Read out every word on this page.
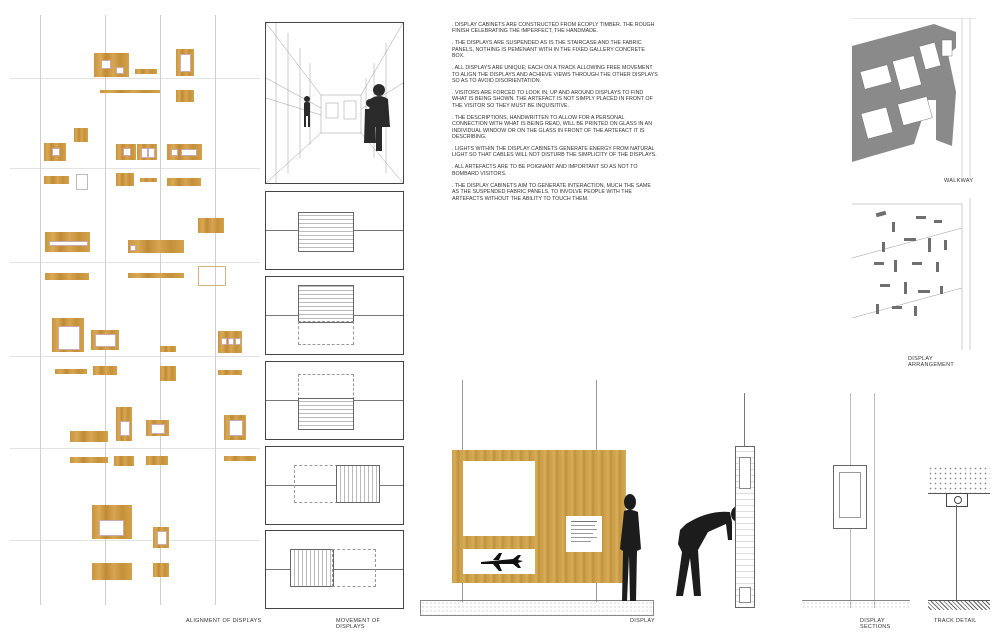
ALIGNMENT OF DISPLAYS	MOVEMENT OF DISPLAYS

. DISPLAY CABINETS ARE CONSTRUCTED FROM ECOPLY TIMBER. THE ROUGH FINISH CELEBRATING THE IMPERFECT, THE HANDMADE.

. THE DISPLAYS ARE SUSPENDED AS IS THE STAIRCASE AND THE FABRIC PANELS, NOTHING IS PEMENANT WITH IN THE FIXED GALLERY CONCRETE BOX.

. ALL DISPLAYS ARE UNIQUE; EACH ON A TRACK ALLOWING FREE MOVEMENT TO ALIGN THE DISPLAYS AND ACHIEVE VIEWS THROUGH THE OTHER DISPLAYS SO AS TO AVOID DISORIENTATION.

. VISITORS ARE FORCED TO LOOK IN, UP AND AROUND DISPLAYS TO FIND WHAT IS BEING SHOWN. THE ARTEFACT IS NOT SIMPLY PLACED IN FRONT OF THE VISITOR SO THEY MUST BE INQUISITIVE.

. THE DESCRIPTIONS, HANDWRITTEN TO ALLOW FOR A PERSONAL CONNECTION WITH WHAT IS BEING READ, WILL BE PRINTED ON GLASS IN AN INDIVIDUAL WINDOW OR ON THE GLASS IN FRONT OF THE ARTEFACT IT IS DESCRIBING.

. LIGHTS WITHIN THE DISPLAY CABINETS GENERATE ENERGY FROM NATURAL LIGHT SO THAT CABLES WILL NOT DISTURB THE SIMPLICITY OF THE DISPLAYS.

. ALL ARTEFACTS ARE TO BE POIGNANT AND IMPORTANT SO AS NOT TO BOMBARD VISITORS.

. THE DISPLAY CABINETS AIM TO GENERATE INTERACTION, MUCH THE SAME AS THE SUSPENDED FABRIC PANELS. TO INVOLVE PEOPLE WITH THE ARTEFACTS WITHOUT THE ABILITY TO TOUCH THEM.

DISPLAY	DISPLAY SECTIONS
TRACK DETAIL
WALKWAY
DISPLAY ARRANGEMENT
